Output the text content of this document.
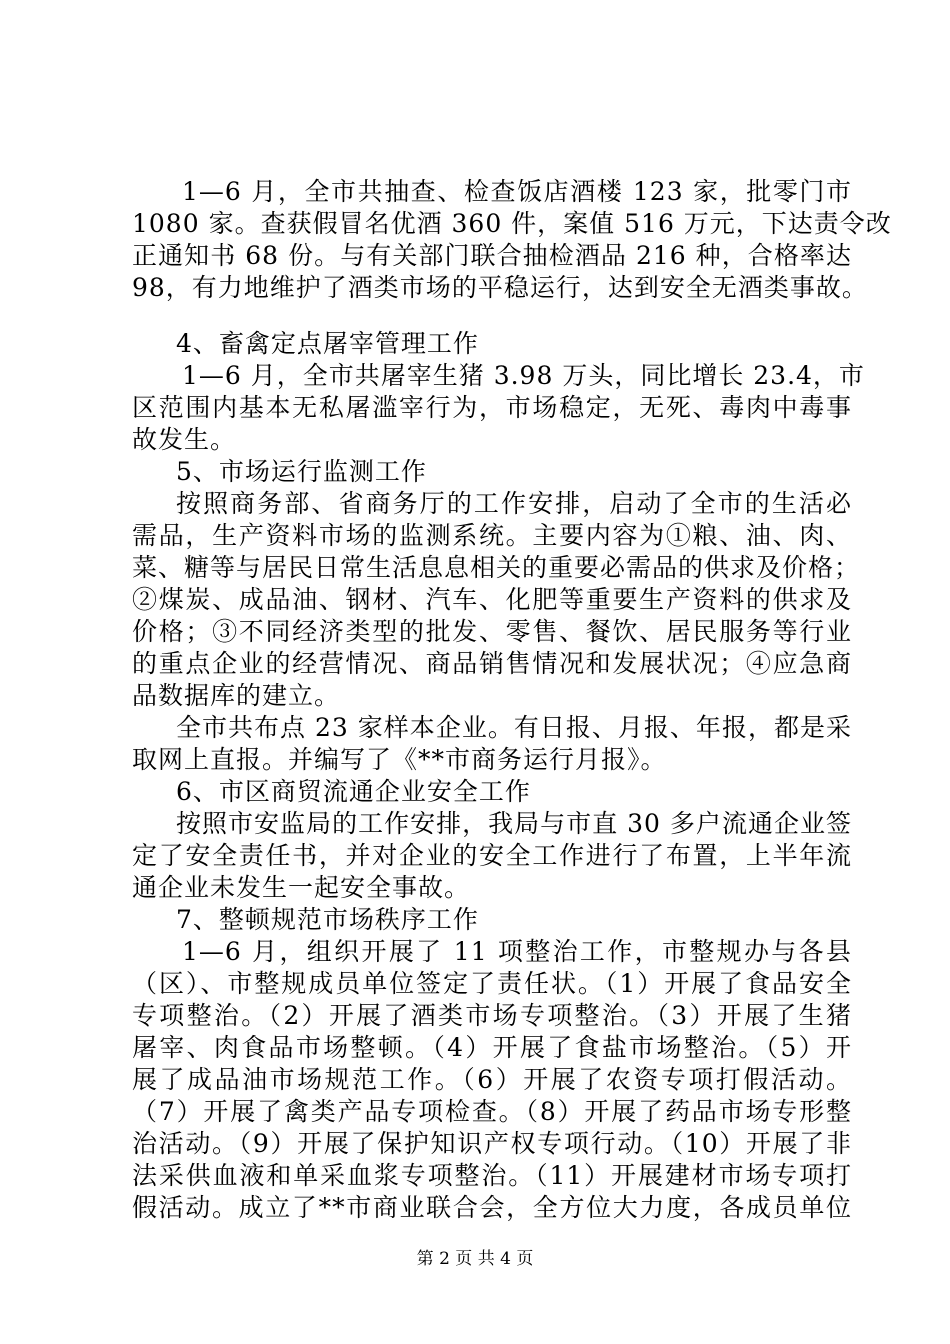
1—6 月，全市共抽查、检查饭店酒楼 123 家，批零门市
1080 家。查获假冒名优酒 360 件，案值 516 万元，下达责令改
正通知书 68 份。与有关部门联合抽检酒品 216 种，合格率达
98，有力地维护了酒类市场的平稳运行，达到安全无酒类事故。
4、畜禽定点屠宰管理工作
1—6 月，全市共屠宰生猪 3.98 万头，同比增长 23.4，市
区范围内基本无私屠滥宰行为，市场稳定，无死、毒肉中毒事
故发生。
5、市场运行监测工作
按照商务部、省商务厅的工作安排，启动了全市的生活必
需品，生产资料市场的监测系统。主要内容为①粮、油、肉、
菜、糖等与居民日常生活息息相关的重要必需品的供求及价格；
②煤炭、成品油、钢材、汽车、化肥等重要生产资料的供求及
价格；③不同经济类型的批发、零售、餐饮、居民服务等行业
的重点企业的经营情况、商品销售情况和发展状况；④应急商
品数据库的建立。
全市共布点 23 家样本企业。有日报、月报、年报，都是采
取网上直报。并编写了《**市商务运行月报》。
6、市区商贸流通企业安全工作
按照市安监局的工作安排，我局与市直 30 多户流通企业签
定了安全责任书，并对企业的安全工作进行了布置，上半年流
通企业未发生一起安全事故。
7、整顿规范市场秩序工作
1—6 月，组织开展了 11 项整治工作，市整规办与各县
（区）、市整规成员单位签定了责任状。（1）开展了食品安全
专项整治。（2）开展了酒类市场专项整治。（3）开展了生猪
屠宰、肉食品市场整顿。（4）开展了食盐市场整治。（5）开
展了成品油市场规范工作。（6）开展了农资专项打假活动。
（7）开展了禽类产品专项检查。（8）开展了药品市场专形整
治活动。（9）开展了保护知识产权专项行动。（10）开展了非
法采供血液和单采血浆专项整治。（11）开展建材市场专项打
假活动。成立了**市商业联合会，全方位大力度，各成员单位
第 2 页 共 4 页
